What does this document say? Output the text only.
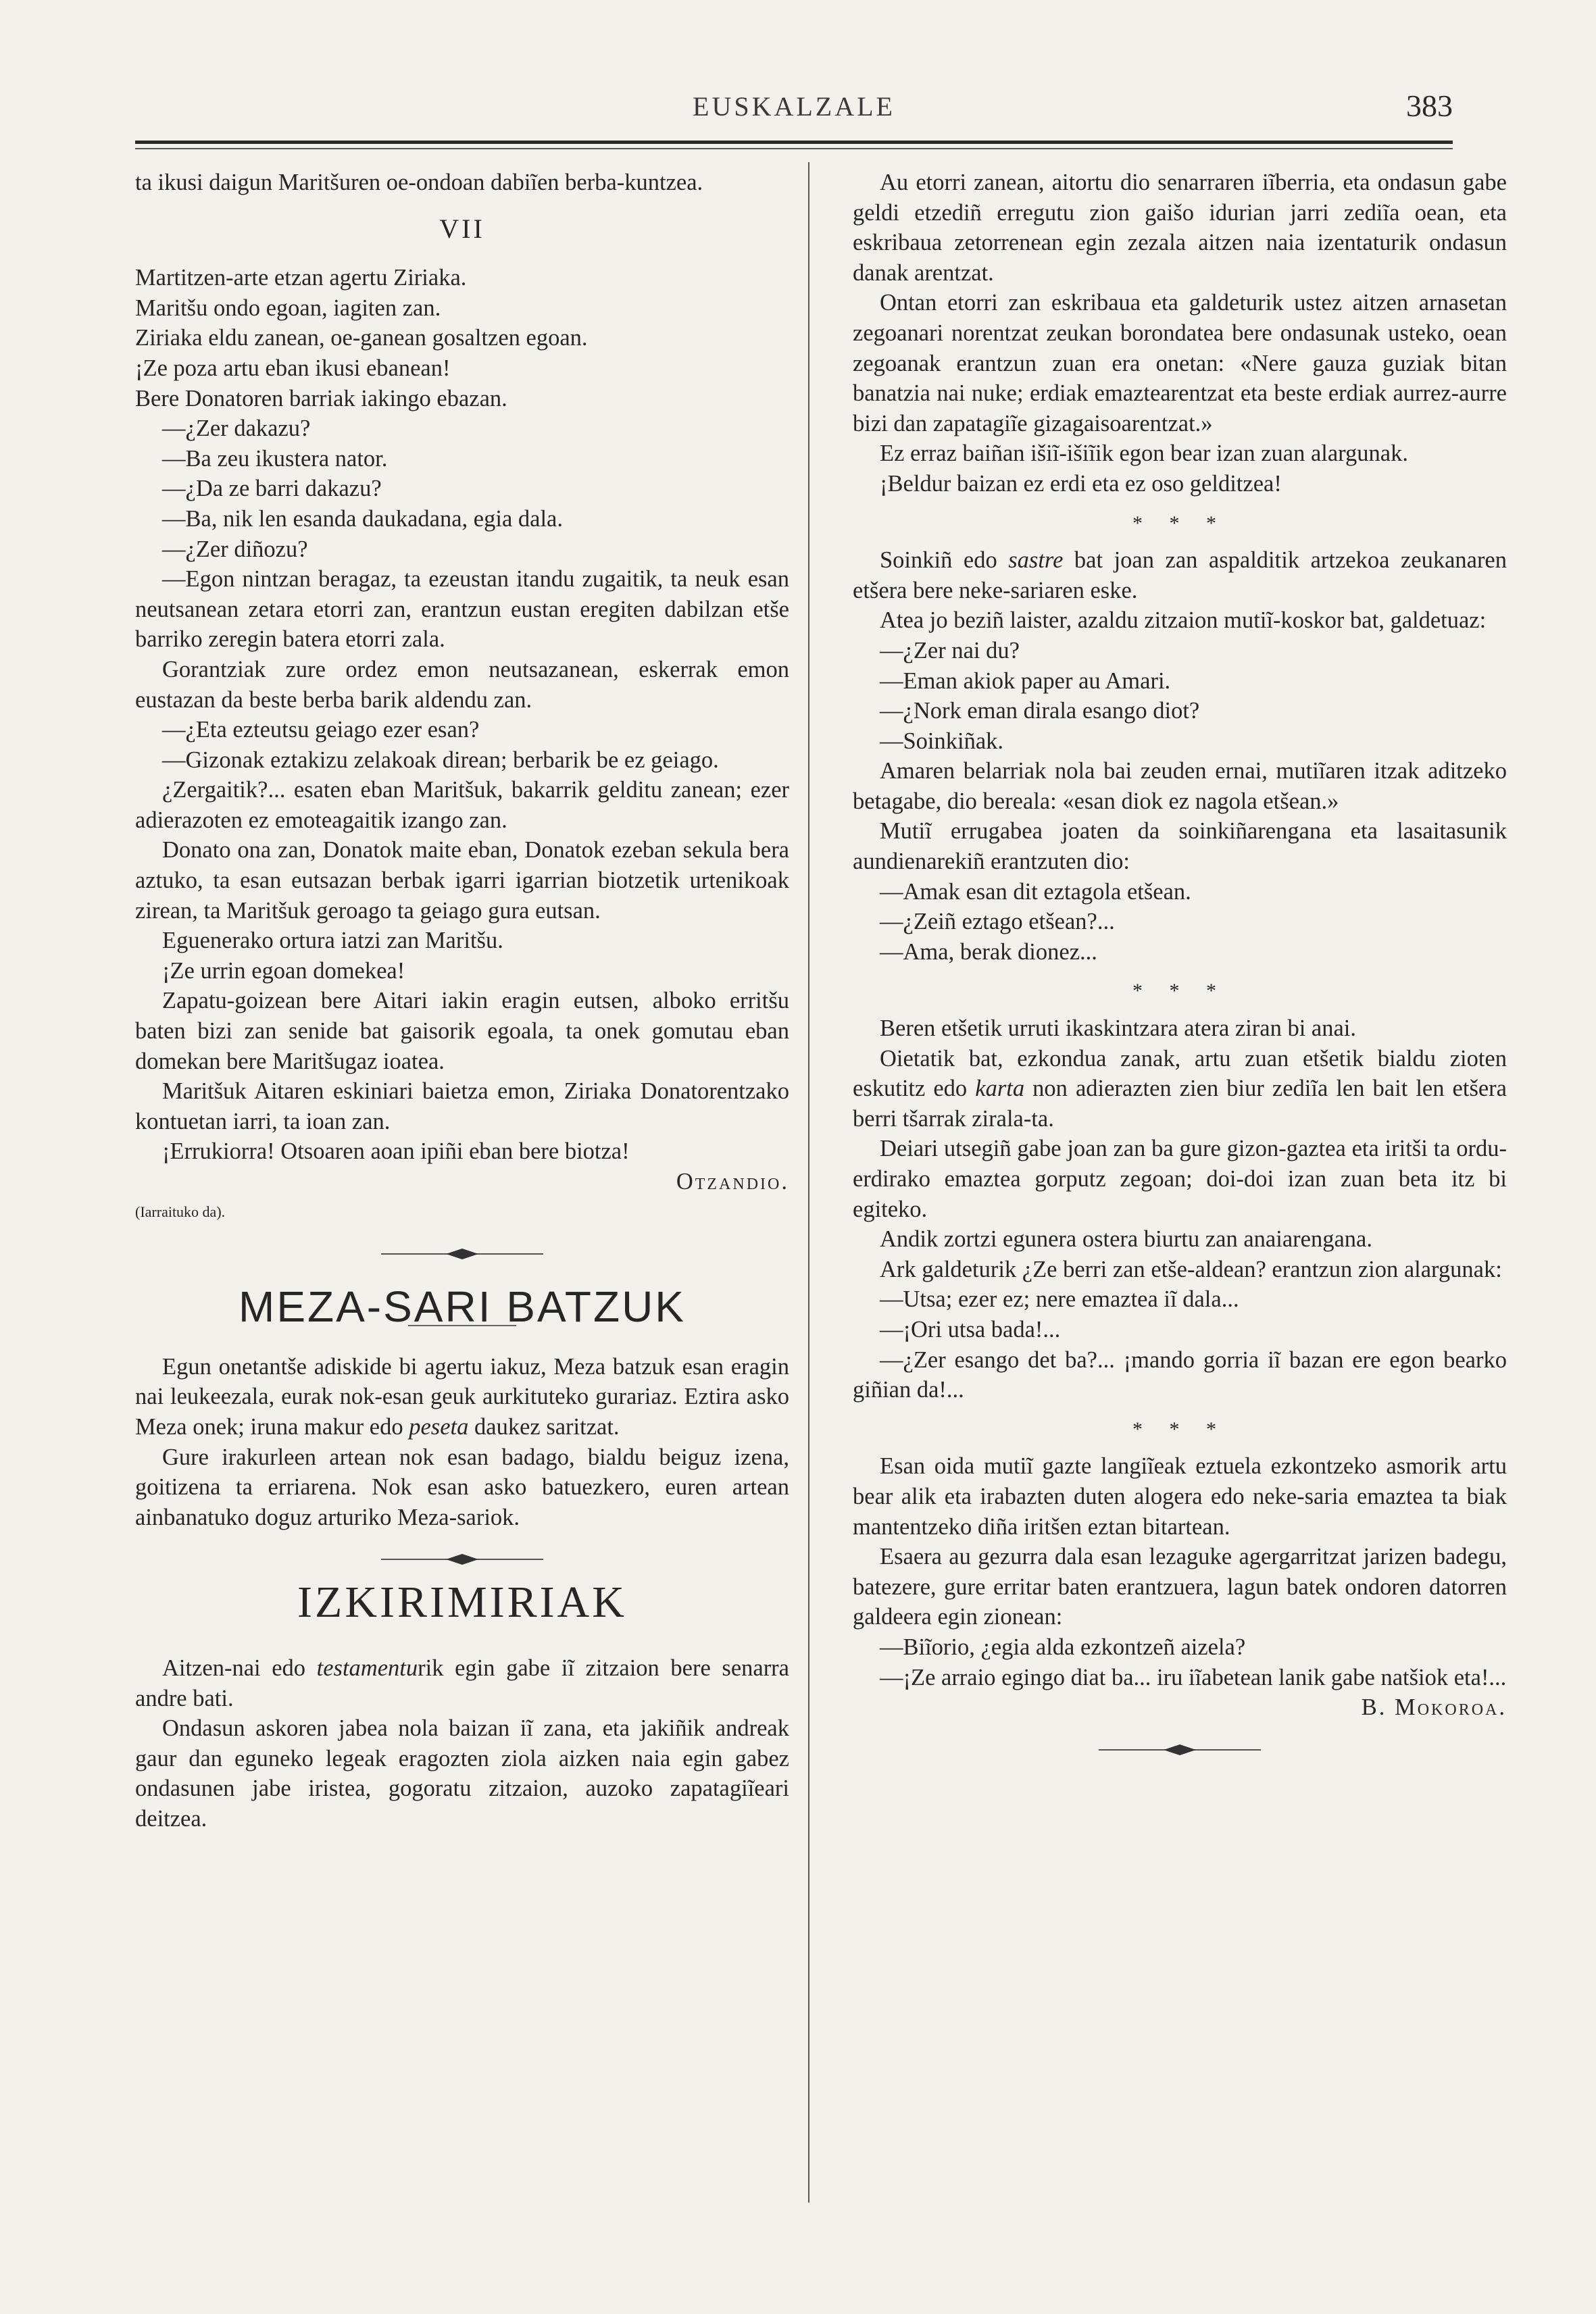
EUSKALZALE	383

ta ikusi daigun Maritšuren oe-ondoan dabiĩen berba-kuntzea.

VII

Martitzen-arte etzan agertu Ziriaka.

Maritšu ondo egoan, iagiten zan.

Ziriaka eldu zanean, oe-ganean gosaltzen egoan.

¡Ze poza artu eban ikusi ebanean!

Bere Donatoren barriak iakingo ebazan.

—¿Zer dakazu?

—Ba zeu ikustera nator.

—¿Da ze barri dakazu?

—Ba, nik len esanda daukadana, egia dala.

—¿Zer diñozu?

—Egon nintzan beragaz, ta ezeustan itandu zugaitik, ta neuk esan neutsanean zetara etorri zan, erantzun eustan eregiten dabilzan etše barriko zeregin batera etorri zala.

Gorantziak zure ordez emon neutsazanean, eskerrak emon eustazan da beste berba barik aldendu zan.

—¿Eta ezteutsu geiago ezer esan?

—Gizonak eztakizu zelakoak direan; berbarik be ez geiago.

¿Zergaitik?... esaten eban Maritšuk, bakarrik gelditu zanean; ezer adierazoten ez emoteagaitik izango zan.

Donato ona zan, Donatok maite eban, Donatok ezeban sekula bera aztuko, ta esan eutsazan berbak igarri igarrian biotzetik urtenikoak zirean, ta Maritšuk geroago ta geiago gura eutsan.

Eguenerako ortura iatzi zan Maritšu.

¡Ze urrin egoan domekea!

Zapatu-goizean bere Aitari iakin eragin eutsen, alboko erritšu baten bizi zan senide bat gaisorik egoala, ta onek gomutau eban domekan bere Maritšugaz ioatea.

Maritšuk Aitaren eskiniari baietza emon, Ziriaka Donatorentzako kontuetan iarri, ta ioan zan.

¡Errukiorra! Otsoaren aoan ipiñi eban bere biotza!

Otzandio.

(Iarraituko da).

MEZA-SARI BATZUK

Egun onetantše adiskide bi agertu iakuz, Meza batzuk esan eragin nai leukeezala, eurak nok-esan geuk aurkituteko gurariaz. Eztira asko Meza onek; iruna makur edo peseta daukez saritzat.

Gure irakurleen artean nok esan badago, bialdu beiguz izena, goitizena ta erriarena. Nok esan asko batuezkero, euren artean ainbanatuko doguz arturiko Meza-sariok.

IZKIRIMIRIAK

Aitzen-nai edo testamenturik egin gabe iĩ zitzaion bere senarra andre bati.

Ondasun askoren jabea nola baizan iĩ zana, eta jakiñik andreak gaur dan eguneko legeak eragozten ziola aizken naia egin gabez ondasunen jabe iristea, gogoratu zitzaion, auzoko zapatagiĩeari deitzea.

Au etorri zanean, aitortu dio senarraren iĩberria, eta ondasun gabe geldi etzediñ erregutu zion gaišo idurian jarri zediĩa oean, eta eskribaua zetorrenean egin zezala aitzen naia izentaturik ondasun danak arentzat.

Ontan etorri zan eskribaua eta galdeturik ustez aitzen arnasetan zegoanari norentzat zeukan borondatea bere ondasunak usteko, oean zegoanak erantzun zuan era onetan: «Nere gauza guziak bitan banatzia nai nuke; erdiak emaztearentzat eta beste erdiak aurrez-aurre bizi dan zapatagiĩe gizagaisoarentzat.»

Ez erraz baiñan išiĩ-išiĩik egon bear izan zuan alargunak.

¡Beldur baizan ez erdi eta ez oso gelditzea!

* * *

Soinkiñ edo sastre bat joan zan aspalditik artzekoa zeukanaren etšera bere neke-sariaren eske.

Atea jo beziñ laister, azaldu zitzaion mutiĩ-koskor bat, galdetuaz:

—¿Zer nai du?

—Eman akiok paper au Amari.

—¿Nork eman dirala esango diot?

—Soinkiñak.

Amaren belarriak nola bai zeuden ernai, mutiĩaren itzak aditzeko betagabe, dio bereala: «esan diok ez nagola etšean.»

Mutiĩ errugabea joaten da soinkiñarengana eta lasaitasunik aundienarekiñ erantzuten dio:

—Amak esan dit eztagola etšean.

—¿Zeiñ eztago etšean?...

—Ama, berak dionez...

* * *

Beren etšetik urruti ikaskintzara atera ziran bi anai.

Oietatik bat, ezkondua zanak, artu zuan etšetik bialdu zioten eskutitz edo karta non adierazten zien biur zediĩa len bait len etšera berri tšarrak zirala-ta.

Deiari utsegiñ gabe joan zan ba gure gizon-gaztea eta iritši ta ordu-erdirako emaztea gorputz zegoan; doi-doi izan zuan beta itz bi egiteko.

Andik zortzi egunera ostera biurtu zan anaiarengana.

Ark galdeturik ¿Ze berri zan etše-aldean? erantzun zion alargunak:

—Utsa; ezer ez; nere emaztea iĩ dala...

—¡Ori utsa bada!...

—¿Zer esango det ba?... ¡mando gorria iĩ bazan ere egon bearko giñian da!...

* * *

Esan oida mutiĩ gazte langiĩeak eztuela ezkontzeko asmorik artu bear alik eta irabazten duten alogera edo neke-saria emaztea ta biak mantentzeko diña iritšen eztan bitartean.

Esaera au gezurra dala esan lezaguke agergarritzat jarizen badegu, batezere, gure erritar baten erantzuera, lagun batek ondoren datorren galdeera egin zionean:

—Biĩorio, ¿egia alda ezkontzeñ aizela?

—¡Ze arraio egingo diat ba... iru iĩabetean lanik gabe natšiok eta!...

B. Mokoroa.
